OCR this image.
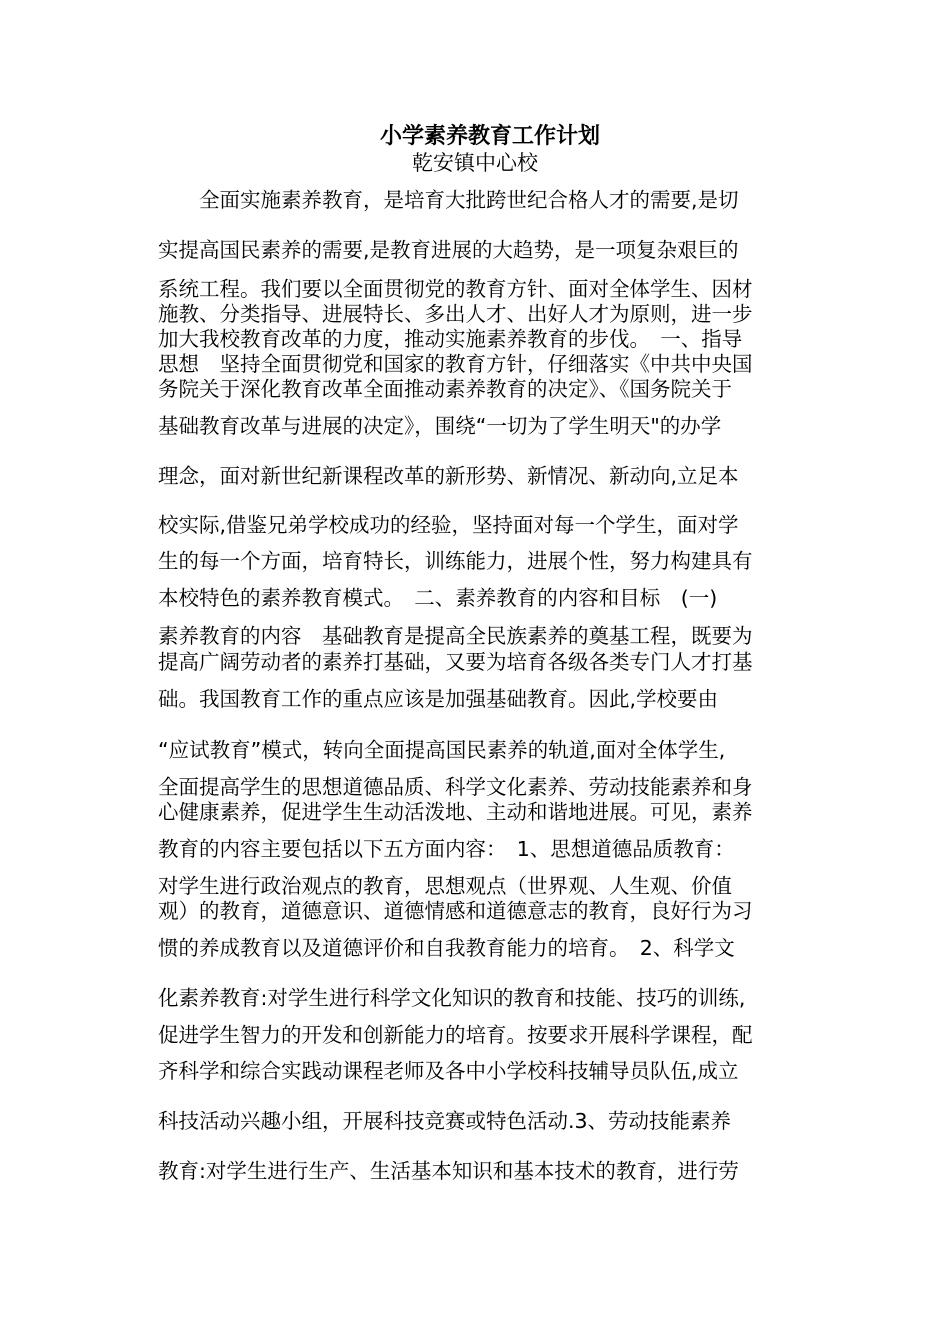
小学素养教育工作计划
乾安镇中心校
　　全面实施素养教育，是培育大批跨世纪合格人才的需要,是切
实提高国民素养的需要,是教育进展的大趋势，是一项复杂艰巨的
系统工程。我们要以全面贯彻党的教育方针、面对全体学生、因材
施教、分类指导、进展特长、多出人才、出好人才为原则，进一步
加大我校教育改革的力度，推动实施素养教育的步伐。　一、指导
思想　坚持全面贯彻党和国家的教育方针，仔细落实《中共中央国
务院关于深化教育改革全面推动素养教育的决定》、《国务院关于
基础教育改革与进展的决定》，围绕“一切为了学生明天"的办学
理念，面对新世纪新课程改革的新形势、新情况、新动向,立足本
校实际,借鉴兄弟学校成功的经验，坚持面对每一个学生，面对学
生的每一个方面，培育特长，训练能力，进展个性，努力构建具有
本校特色的素养教育模式。　二、素养教育的内容和目标　(一)
素养教育的内容　基础教育是提高全民族素养的奠基工程，既要为
提高广阔劳动者的素养打基础，又要为培育各级各类专门人才打基
础。我国教育工作的重点应该是加强基础教育。因此,学校要由
“应试教育”模式，转向全面提高国民素养的轨道,面对全体学生,
全面提高学生的思想道德品质、科学文化素养、劳动技能素养和身
心健康素养，促进学生生动活泼地、主动和谐地进展。可见，素养
教育的内容主要包括以下五方面内容：　1、思想道德品质教育：
对学生进行政治观点的教育，思想观点（世界观、人生观、价值
观）的教育，道德意识、道德情感和道德意志的教育，良好行为习
惯的养成教育以及道德评价和自我教育能力的培育。　2、科学文
化素养教育:对学生进行科学文化知识的教育和技能、技巧的训练,
促进学生智力的开发和创新能力的培育。按要求开展科学课程，配
齐科学和综合实践动课程老师及各中小学校科技辅导员队伍,成立
科技活动兴趣小组，开展科技竞赛或特色活动.3、劳动技能素养
教育:对学生进行生产、生活基本知识和基本技术的教育，进行劳
